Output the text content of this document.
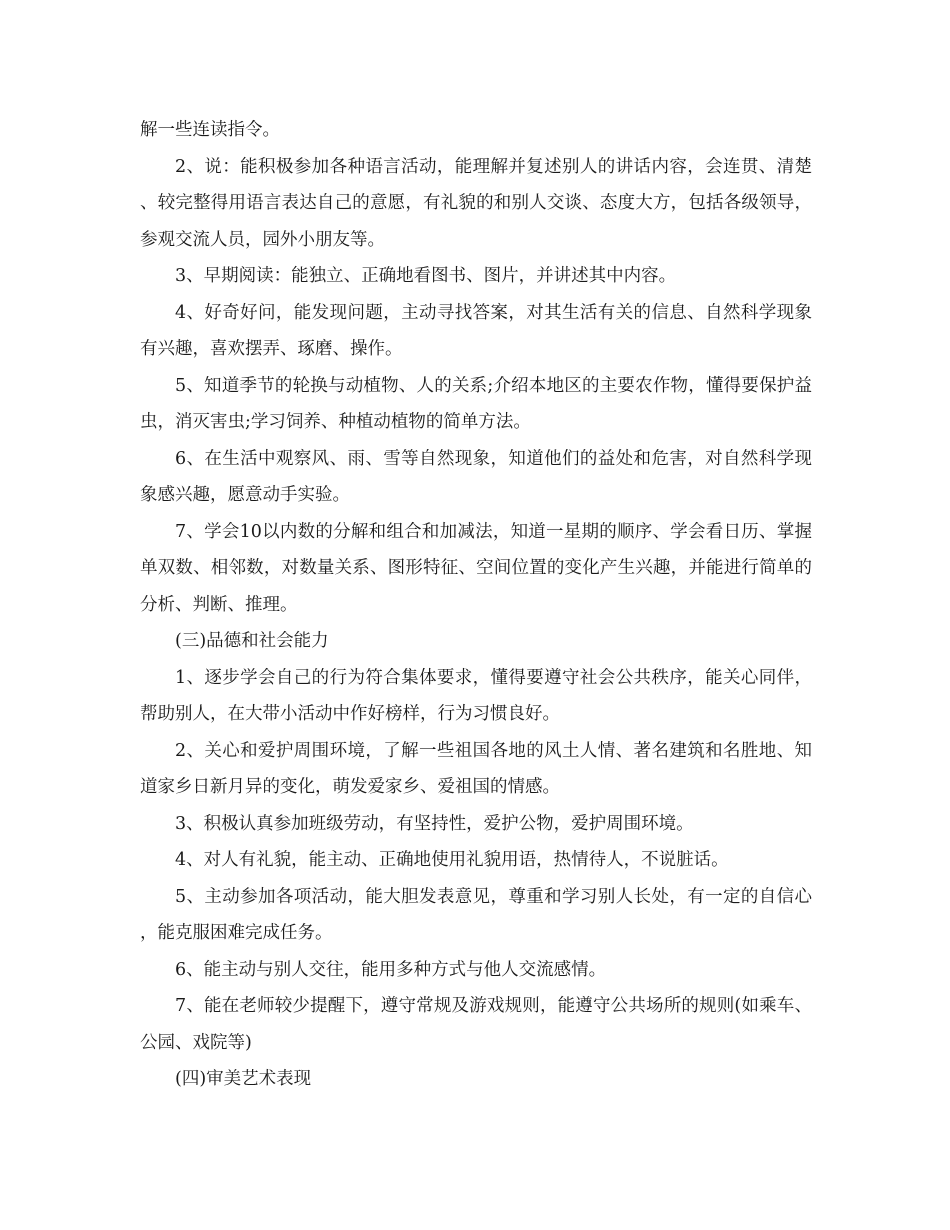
解一些连读指令。

2、说：能积极参加各种语言活动，能理解并复述别人的讲话内容，会连贯、清楚、较完整得用语言表达自己的意愿，有礼貌的和别人交谈、态度大方，包括各级领导，参观交流人员，园外小朋友等。

3、早期阅读：能独立、正确地看图书、图片，并讲述其中内容。

4、好奇好问，能发现问题，主动寻找答案，对其生活有关的信息、自然科学现象有兴趣，喜欢摆弄、琢磨、操作。

5、知道季节的轮换与动植物、人的关系;介绍本地区的主要农作物，懂得要保护益虫，消灭害虫;学习饲养、种植动植物的简单方法。

6、在生活中观察风、雨、雪等自然现象，知道他们的益处和危害，对自然科学现象感兴趣，愿意动手实验。

7、学会10以内数的分解和组合和加减法，知道一星期的顺序、学会看日历、掌握单双数、相邻数，对数量关系、图形特征、空间位置的变化产生兴趣，并能进行简单的分析、判断、推理。

(三)品德和社会能力

1、逐步学会自己的行为符合集体要求，懂得要遵守社会公共秩序，能关心同伴，帮助别人，在大带小活动中作好榜样，行为习惯良好。

2、关心和爱护周围环境，了解一些祖国各地的风土人情、著名建筑和名胜地、知道家乡日新月异的变化，萌发爱家乡、爱祖国的情感。

3、积极认真参加班级劳动，有坚持性，爱护公物，爱护周围环境。

4、对人有礼貌，能主动、正确地使用礼貌用语，热情待人，不说脏话。

5、主动参加各项活动，能大胆发表意见，尊重和学习别人长处，有一定的自信心，能克服困难完成任务。

6、能主动与别人交往，能用多种方式与他人交流感情。

7、能在老师较少提醒下，遵守常规及游戏规则，能遵守公共场所的规则(如乘车、公园、戏院等)

(四)审美艺术表现
